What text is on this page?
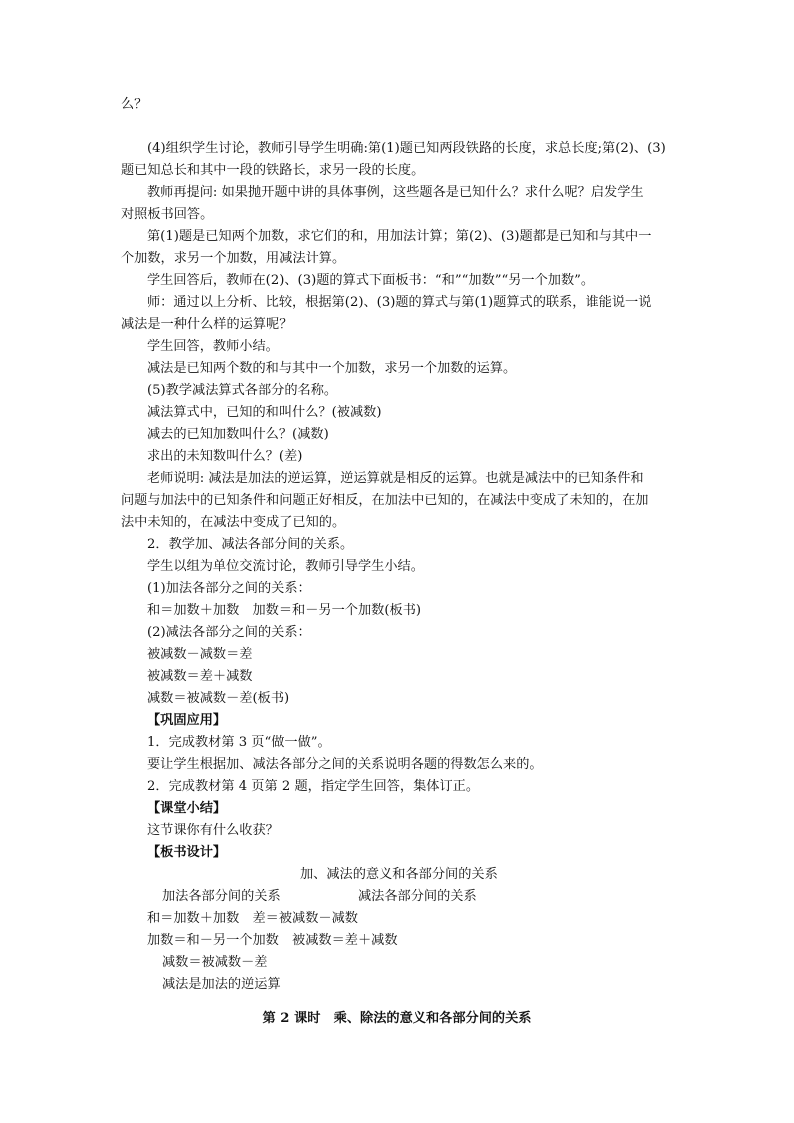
么？
(4)组织学生讨论，教师引导学生明确:第(1)题已知两段铁路的长度，求总长度;第(2)、(3)
题已知总长和其中一段的铁路长，求另一段的长度。
教师再提问: 如果抛开题中讲的具体事例，这些题各是已知什么？求什么呢？启发学生
对照板书回答。
第(1)题是已知两个加数，求它们的和，用加法计算；第(2)、(3)题都是已知和与其中一
个加数，求另一个加数，用减法计算。
学生回答后，教师在(2)、(3)题的算式下面板书：“和”“加数”“另一个加数”。
师：通过以上分析、比较，根据第(2)、(3)题的算式与第(1)题算式的联系，谁能说一说
减法是一种什么样的运算呢？
学生回答，教师小结。
减法是已知两个数的和与其中一个加数，求另一个加数的运算。
(5)教学减法算式各部分的名称。
减法算式中，已知的和叫什么？(被减数)
减去的已知加数叫什么？(减数)
求出的未知数叫什么？(差)
老师说明: 减法是加法的逆运算，逆运算就是相反的运算。也就是减法中的已知条件和
问题与加法中的已知条件和问题正好相反，在加法中已知的，在减法中变成了未知的，在加
法中未知的，在减法中变成了已知的。
2．教学加、减法各部分间的关系。
学生以组为单位交流讨论，教师引导学生小结。
(1)加法各部分之间的关系：
和＝加数＋加数　加数＝和－另一个加数(板书)
(2)减法各部分之间的关系：
被减数－减数＝差
被减数＝差＋减数
减数＝被减数－差(板书)
【巩固应用】
1．完成教材第 3 页“做一做”。
要让学生根据加、减法各部分之间的关系说明各题的得数怎么来的。
2．完成教材第 4 页第 2 题，指定学生回答，集体订正。
【课堂小结】
这节课你有什么收获？
【板书设计】
加、减法的意义和各部分间的关系
加法各部分间的关系	减法各部分间的关系
和＝加数＋加数　差＝被减数－减数
加数＝和－另一个加数　被减数＝差＋减数
减数＝被减数－差
减法是加法的逆运算
第 2 课时　乘、除法的意义和各部分间的关系
